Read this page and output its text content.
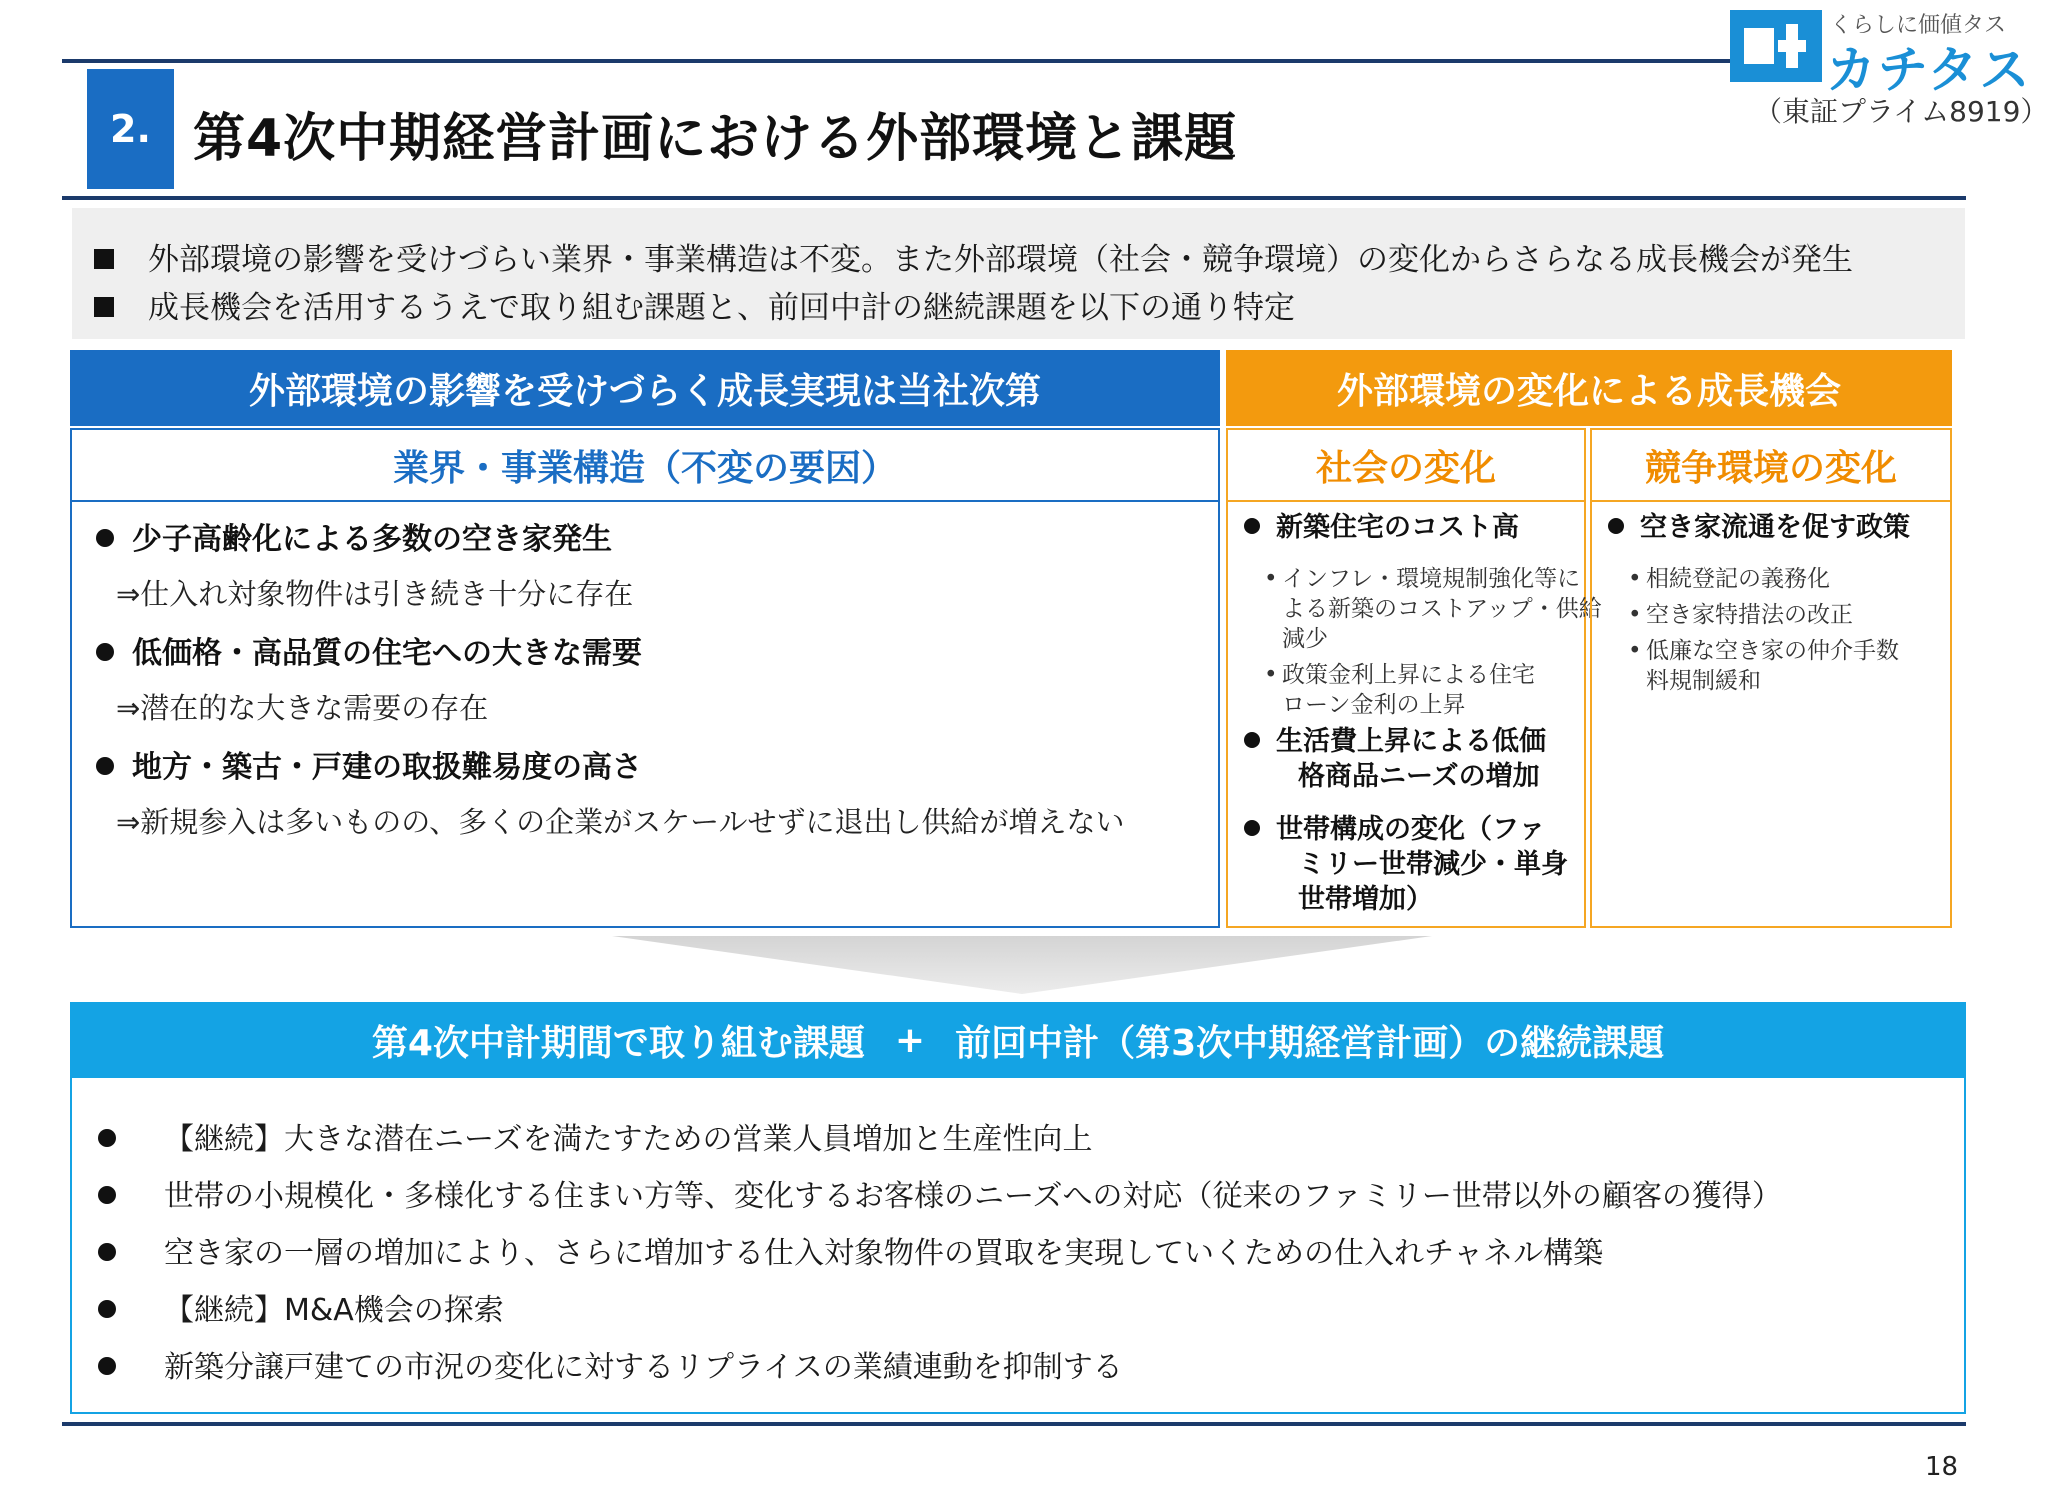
2. 第4次中期経営計画における外部環境と課題
くらしに価値タス
カチタス
（東証プライム8919）
外部環境の影響を受けづらい業界・事業構造は不変。また外部環境（社会・競争環境）の変化からさらなる成長機会が発生
成長機会を活用するうえで取り組む課題と、前回中計の継続課題を以下の通り特定
外部環境の影響を受けづらく成長実現は当社次第
業界・事業構造（不変の要因）
少子高齢化による多数の空き家発生
⇒仕入れ対象物件は引き続き十分に存在
低価格・高品質の住宅への大きな需要
⇒潜在的な大きな需要の存在
地方・築古・戸建の取扱難易度の高さ
⇒新規参入は多いものの、多くの企業がスケールせずに退出し供給が増えない
外部環境の変化による成長機会
社会の変化
新築住宅のコスト高
• インフレ・環境規制強化等に
よる新築のコストアップ・供給
減少
• 政策金利上昇による住宅
ローン金利の上昇
生活費上昇による低価
格商品ニーズの増加
世帯構成の変化（ファ
ミリー世帯減少・単身
世帯増加）
競争環境の変化
空き家流通を促す政策
• 相続登記の義務化
• 空き家特措法の改正
• 低廉な空き家の仲介手数
料規制緩和
第4次中計期間で取り組む課題 + 前回中計（第3次中期経営計画）の継続課題
【継続】大きな潜在ニーズを満たすための営業人員増加と生産性向上
世帯の小規模化・多様化する住まい方等、変化するお客様のニーズへの対応（従来のファミリー世帯以外の顧客の獲得）
空き家の一層の増加により、さらに増加する仕入対象物件の買取を実現していくための仕入れチャネル構築
【継続】M&A機会の探索
新築分譲戸建ての市況の変化に対するリプライスの業績連動を抑制する
18
